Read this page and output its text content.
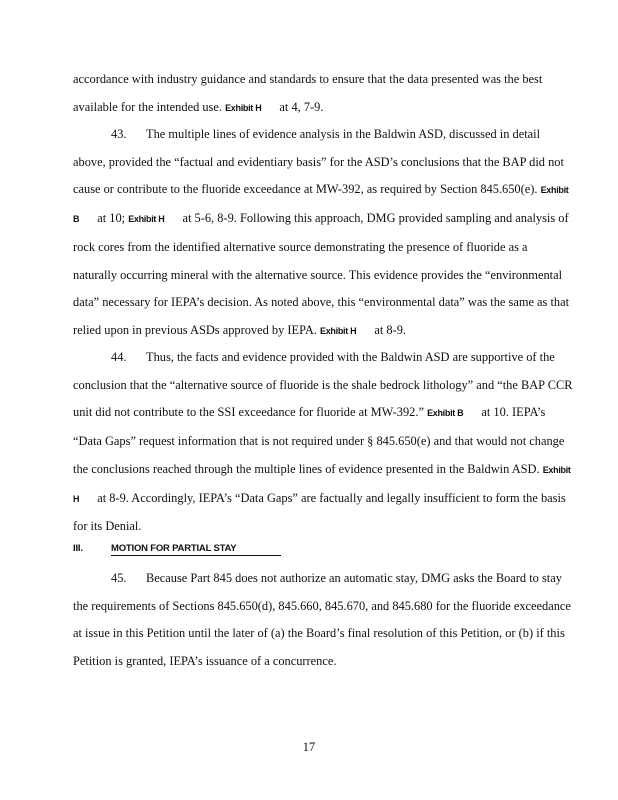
accordance with industry guidance and standards to ensure that the data presented was the best available for the intended use. Exhibit H at 4, 7-9.

43. The multiple lines of evidence analysis in the Baldwin ASD, discussed in detail above, provided the “factual and evidentiary basis” for the ASD’s conclusions that the BAP did not cause or contribute to the fluoride exceedance at MW-392, as required by Section 845.650(e). Exhibit B at 10; Exhibit H at 5-6, 8-9. Following this approach, DMG provided sampling and analysis of rock cores from the identified alternative source demonstrating the presence of fluoride as a naturally occurring mineral with the alternative source. This evidence provides the “environmental data” necessary for IEPA’s decision. As noted above, this “environmental data” was the same as that relied upon in previous ASDs approved by IEPA. Exhibit H at 8-9.

44. Thus, the facts and evidence provided with the Baldwin ASD are supportive of the conclusion that the “alternative source of fluoride is the shale bedrock lithology” and “the BAP CCR unit did not contribute to the SSI exceedance for fluoride at MW-392.” Exhibit B at 10. IEPA’s “Data Gaps” request information that is not required under § 845.650(e) and that would not change the conclusions reached through the multiple lines of evidence presented in the Baldwin ASD. Exhibit H at 8-9. Accordingly, IEPA’s “Data Gaps” are factually and legally insufficient to form the basis for its Denial.

III.	MOTION FOR PARTIAL STAY

45. Because Part 845 does not authorize an automatic stay, DMG asks the Board to stay the requirements of Sections 845.650(d), 845.660, 845.670, and 845.680 for the fluoride exceedance at issue in this Petition until the later of (a) the Board’s final resolution of this Petition, or (b) if this Petition is granted, IEPA’s issuance of a concurrence.

17
